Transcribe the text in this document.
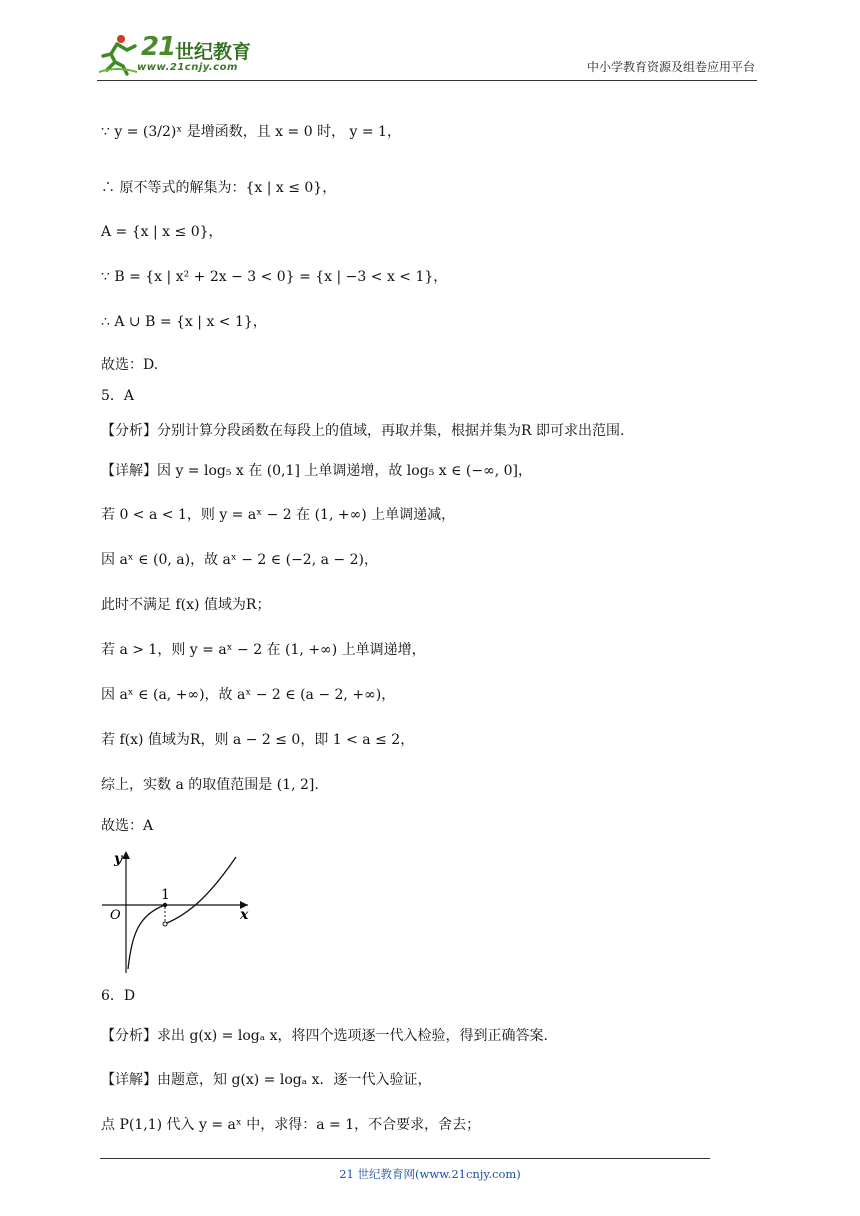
21 世纪教育
www.21cnjy.com	中小学教育资源及组卷应用平台
∵ y = (3/2)ˣ 是增函数，且 x = 0 时， y = 1，
∴ 原不等式的解集为：{x | x ≤ 0}，
A = {x | x ≤ 0}，
∵ B = {x | x² + 2x − 3 < 0} = {x | −3 < x < 1}，
∴ A ∪ B = {x | x < 1}，
故选：D.
5．A
【分析】分别计算分段函数在每段上的值域，再取并集，根据并集为R 即可求出范围.
【详解】因 y = log₅ x 在 (0,1] 上单调递增，故 log₅ x ∈ (−∞, 0]，
若 0 < a < 1，则 y = aˣ − 2 在 (1, +∞) 上单调递减，
因 aˣ ∈ (0, a)，故 aˣ − 2 ∈ (−2, a − 2)，
此时不满足 f(x) 值域为R；
若 a > 1，则 y = aˣ − 2 在 (1, +∞) 上单调递增，
因 aˣ ∈ (a, +∞)，故 aˣ − 2 ∈ (a − 2, +∞)，
若 f(x) 值域为R，则 a − 2 ≤ 0，即 1 < a ≤ 2，
综上，实数 a 的取值范围是 (1, 2].
故选：A
y
x
O
1
6．D
【分析】求出 g(x) = logₐ x，将四个选项逐一代入检验，得到正确答案.
【详解】由题意，知 g(x) = logₐ x．逐一代入验证，
点 P(1,1) 代入 y = aˣ 中，求得：a = 1，不合要求，舍去；
21 世纪教育网(www.21cnjy.com)
